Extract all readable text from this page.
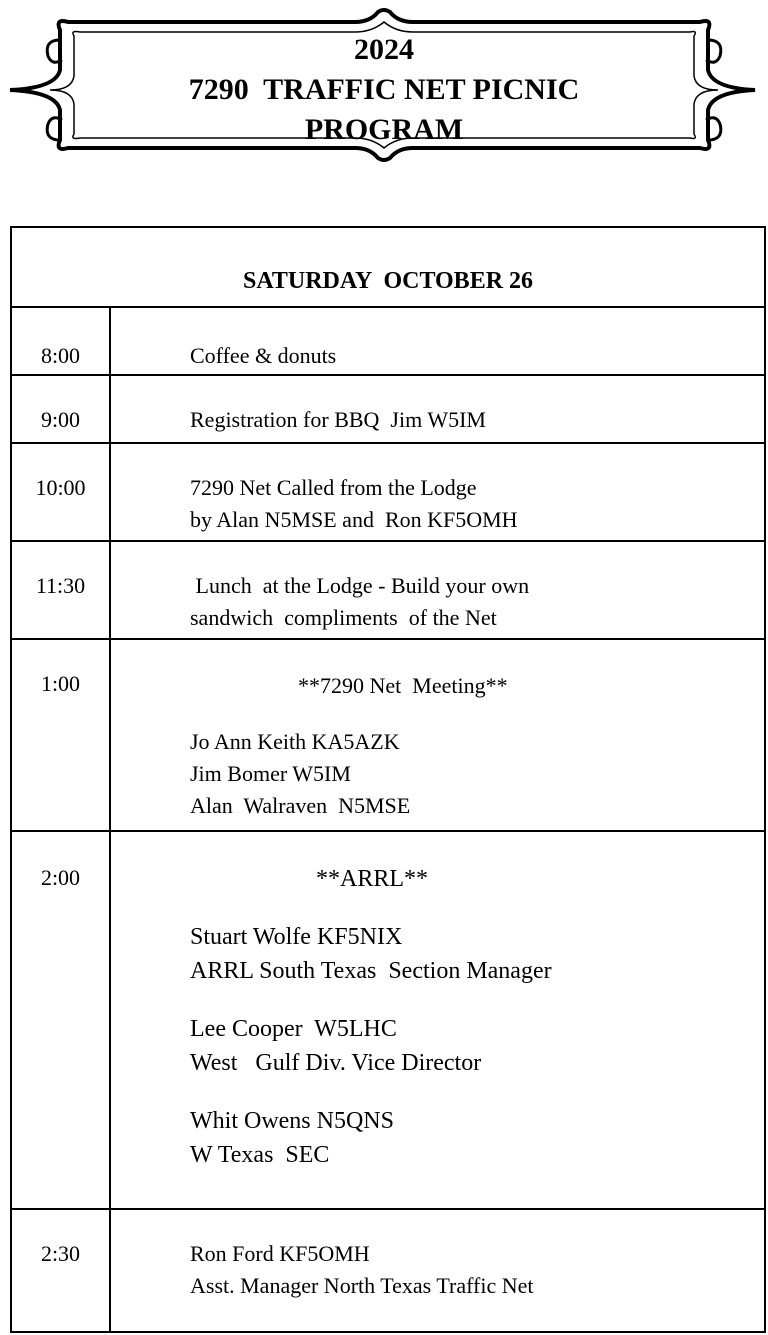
2024
7290  TRAFFIC NET PICNIC
PROGRAM
SATURDAY  OCTOBER 26
8:00	Coffee & donuts
9:00	Registration for BBQ  Jim W5IM
10:00	7290 Net Called from the Lodge
by Alan N5MSE and  Ron KF5OMH
11:30	Lunch  at the Lodge - Build your own
sandwich  compliments  of the Net
1:00	**7290 Net  Meeting**
Jo Ann Keith KA5AZK
Jim Bomer W5IM
Alan  Walraven  N5MSE
2:00	**ARRL**
Stuart Wolfe KF5NIX
ARRL South Texas  Section Manager
Lee Cooper  W5LHC
West   Gulf Div. Vice Director
Whit Owens N5QNS
W Texas  SEC
2:30	Ron Ford KF5OMH
Asst. Manager North Texas Traffic Net
